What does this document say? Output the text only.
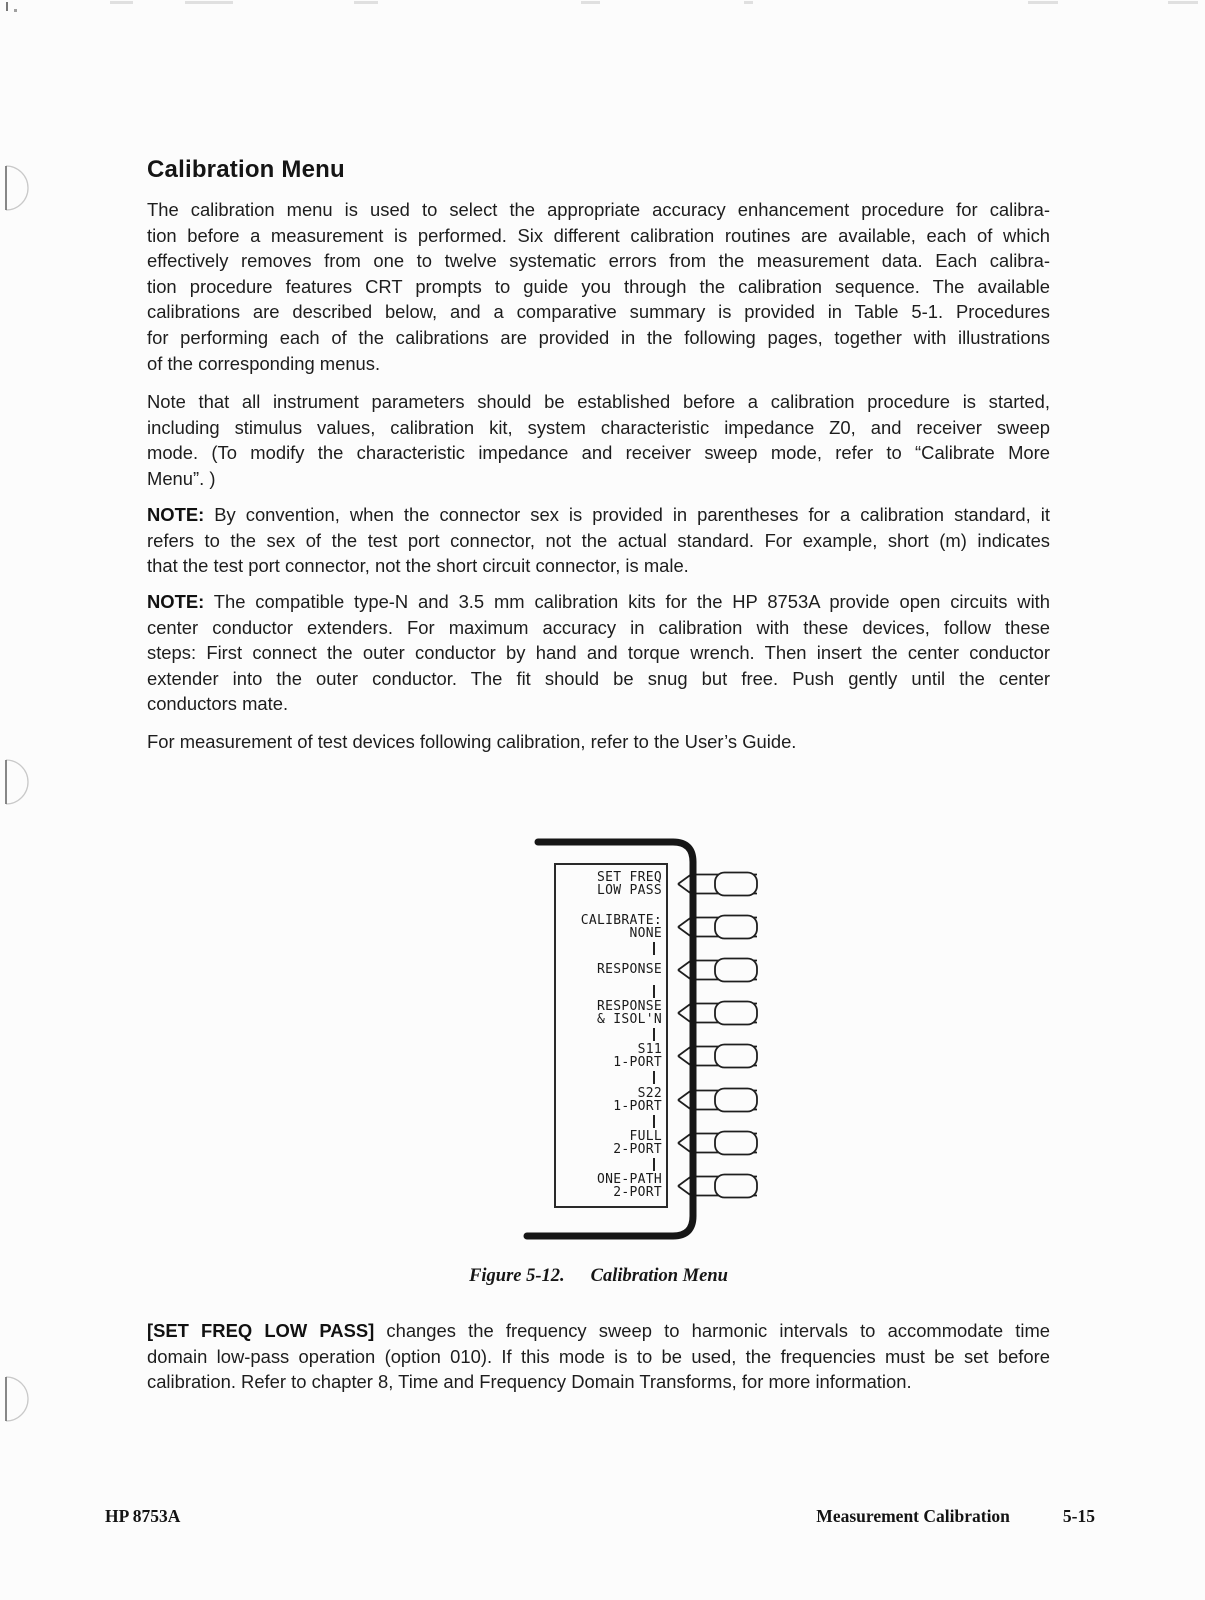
Calibration Menu
The calibration menu is used to select the appropriate accuracy enhancement procedure for calibra-
tion before a measurement is performed. Six different calibration routines are available, each of which
effectively removes from one to twelve systematic errors from the measurement data. Each calibra-
tion procedure features CRT prompts to guide you through the calibration sequence. The available
calibrations are described below, and a comparative summary is provided in Table 5-1. Procedures
for performing each of the calibrations are provided in the following pages, together with illustrations
of the corresponding menus.
Note that all instrument parameters should be established before a calibration procedure is started,
including stimulus values, calibration kit, system characteristic impedance Z0, and receiver sweep
mode. (To modify the characteristic impedance and receiver sweep mode, refer to “Calibrate More
Menu”. )
NOTE: By convention, when the connector sex is provided in parentheses for a calibration standard, it
refers to the sex of the test port connector, not the actual standard. For example, short (m) indicates
that the test port connector, not the short circuit connector, is male.
NOTE: The compatible type-N and 3.5 mm calibration kits for the HP 8753A provide open circuits with
center conductor extenders. For maximum accuracy in calibration with these devices, follow these
steps: First connect the outer conductor by hand and torque wrench. Then insert the center conductor
extender into the outer conductor. The fit should be snug but free. Push gently until the center
conductors mate.
For measurement of test devices following calibration, refer to the User’s Guide.
SET FREQ
LOW PASS
CALIBRATE:
NONE
RESPONSE
RESPONSE
& ISOL'N
S11
1-PORT
S22
1-PORT
FULL
2-PORT
ONE-PATH
2-PORT
Figure 5-12. Calibration Menu
[SET FREQ LOW PASS] changes the frequency sweep to harmonic intervals to accommodate time
domain low-pass operation (option 010). If this mode is to be used, the frequencies must be set before
calibration. Refer to chapter 8, Time and Frequency Domain Transforms, for more information.
HP 8753A	Measurement Calibration	5-15
